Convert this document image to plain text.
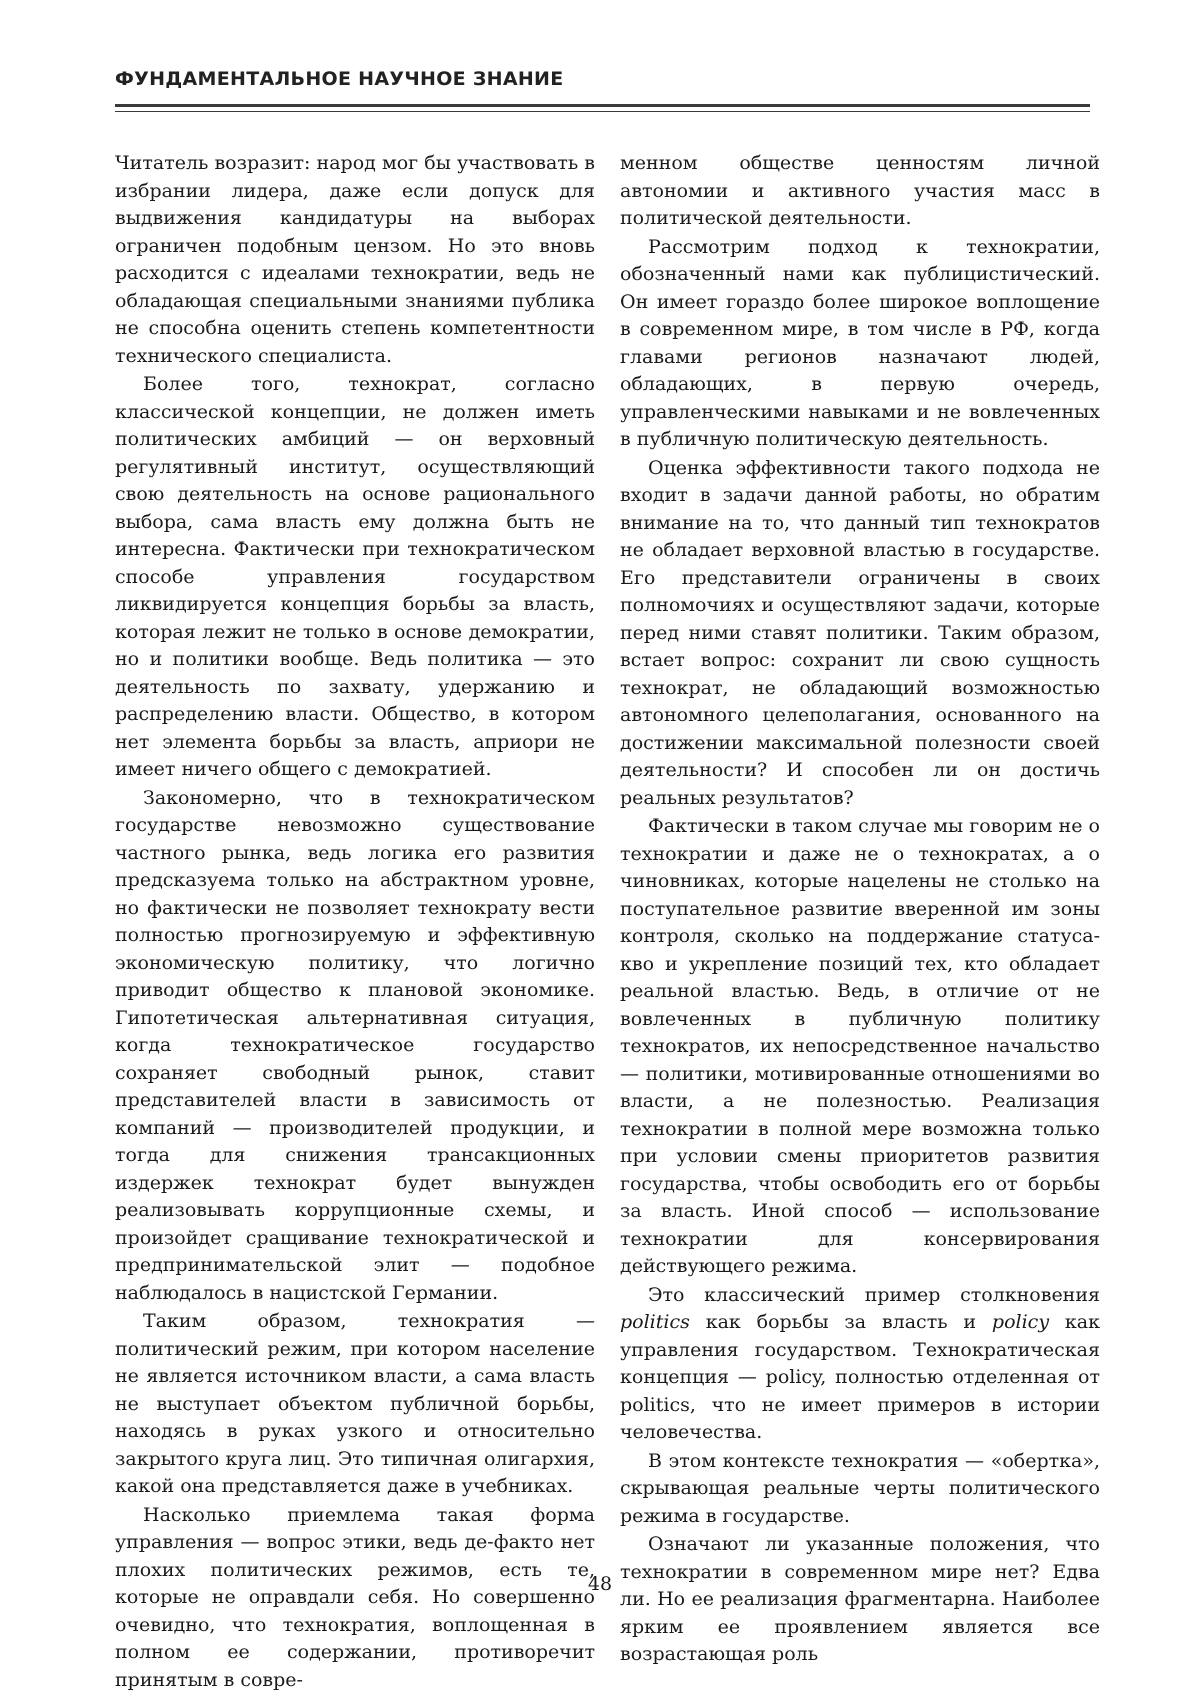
ФУНДАМЕНТАЛЬНОЕ НАУЧНОЕ ЗНАНИЕ

Читатель возразит: народ мог бы участвовать в избрании лидера, даже если допуск для выдвижения кандидатуры на выборах ограничен подобным цензом. Но это вновь расходится с идеалами технократии, ведь не обладающая специальными знаниями публика не способна оценить степень компетентности технического специалиста.

Более того, технократ, согласно классической концепции, не должен иметь политических амбиций — он верховный регулятивный институт, осуществляющий свою деятельность на основе рационального выбора, сама власть ему должна быть не интересна. Фактически при технократическом способе управления государством ликвидируется концепция борьбы за власть, которая лежит не только в основе демократии, но и политики вообще. Ведь политика — это деятельность по захвату, удержанию и распределению власти. Общество, в котором нет элемента борьбы за власть, априори не имеет ничего общего с демократией.

Закономерно, что в технократическом государстве невозможно существование частного рынка, ведь логика его развития предсказуема только на абстрактном уровне, но фактически не позволяет технократу вести полностью прогнозируемую и эффективную экономическую политику, что логично приводит общество к плановой экономике. Гипотетическая альтернативная ситуация, когда технократическое государство сохраняет свободный рынок, ставит представителей власти в зависимость от компаний — производителей продукции, и тогда для снижения трансакционных издержек технократ будет вынужден реализовывать коррупционные схемы, и произойдет сращивание технократической и предпринимательской элит — подобное наблюдалось в нацистской Германии.

Таким образом, технократия — политический режим, при котором население не является источником власти, а сама власть не выступает объектом публичной борьбы, находясь в руках узкого и относительно закрытого круга лиц. Это типичная олигархия, какой она представляется даже в учебниках.

Насколько приемлема такая форма управления — вопрос этики, ведь де-факто нет плохих политических режимов, есть те, которые не оправдали себя. Но совершенно очевидно, что технократия, воплощенная в полном ее содержании, противоречит принятым в совре-

менном обществе ценностям личной автономии и активного участия масс в политической деятельности.

Рассмотрим подход к технократии, обозначенный нами как публицистический. Он имеет гораздо более широкое воплощение в современном мире, в том числе в РФ, когда главами регионов назначают людей, обладающих, в первую очередь, управленческими навыками и не вовлеченных в публичную политическую деятельность.

Оценка эффективности такого подхода не входит в задачи данной работы, но обратим внимание на то, что данный тип технократов не обладает верховной властью в государстве. Его представители ограничены в своих полномочиях и осуществляют задачи, которые перед ними ставят политики. Таким образом, встает вопрос: сохранит ли свою сущность технократ, не обладающий возможностью автономного целеполагания, основанного на достижении максимальной полезности своей деятельности? И способен ли он достичь реальных результатов?

Фактически в таком случае мы говорим не о технократии и даже не о технократах, а о чиновниках, которые нацелены не столько на поступательное развитие вверенной им зоны контроля, сколько на поддержание статуса-кво и укрепление позиций тех, кто обладает реальной властью. Ведь, в отличие от не вовлеченных в публичную политику технократов, их непосредственное начальство — политики, мотивированные отношениями во власти, а не полезностью. Реализация технократии в полной мере возможна только при условии смены приоритетов развития государства, чтобы освободить его от борьбы за власть. Иной способ — использование технократии для консервирования действующего режима.

Это классический пример столкновения politics как борьбы за власть и policy как управления государством. Технократическая концепция — policy, полностью отделенная от politics, что не имеет примеров в истории человечества.

В этом контексте технократия — «обертка», скрывающая реальные черты политического режима в государстве.

Означают ли указанные положения, что технократии в современном мире нет? Едва ли. Но ее реализация фрагментарна. Наиболее ярким ее проявлением является все возрастающая роль

48
